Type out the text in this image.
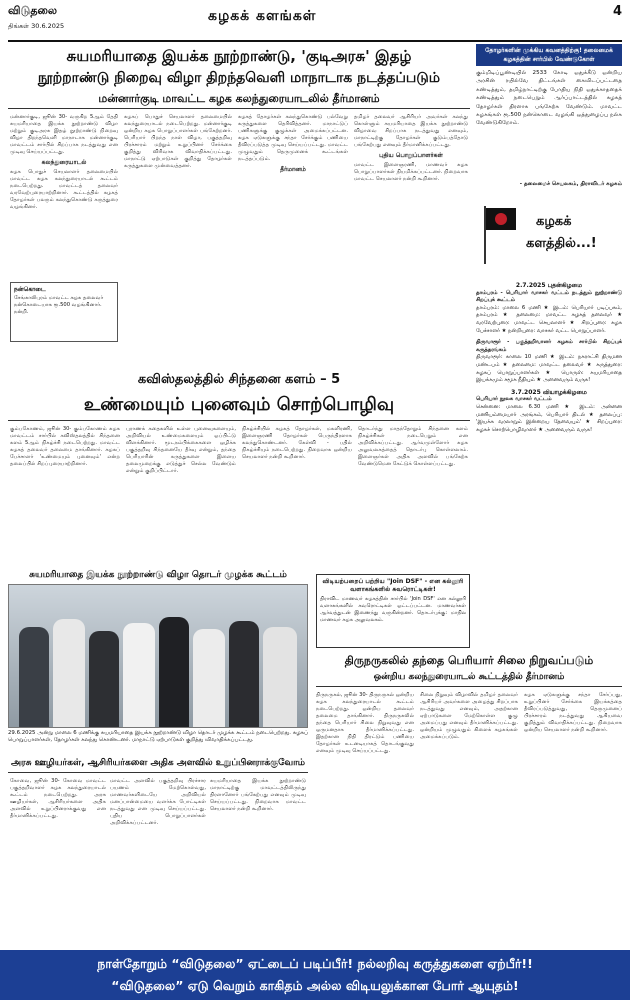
விடுதலை
திங்கள் 30.6.2025
கழகக் களங்கள்	4
சுயமரியாதை இயக்க நூற்றாண்டு, 'குடிஅரசு' இதழ்
நூற்றாண்டு நிறைவு விழா திறந்தவெளி மாநாடாக நடத்தப்படும்
மன்னார்குடி மாவட்ட கழக கலந்துரையாடலில் தீர்மானம்

மன்னார்குடி, ஜூன் 30- வருகிற 5ஆம் தேதி சுயமரியாதை இயக்க நூற்றாண்டு விழா மற்றும் குடிஅரசு இதழ் நூற்றாண்டு நிறைவு விழா திறந்தவெளி மாநாடாக மன்னார்குடி மாவட்டம் சார்பில் சிறப்பாக நடத்துவது என முடிவு செய்யப்பட்டது.

கலந்துரையாடல்

கழக பொதுச் செயலாளர் தலைமையில் மாவட்ட கழக கலந்துரையாடல் கூட்டம் நடைபெற்றது. மாவட்டத் தலைவர் வரவேற்புரையாற்றினார். கூட்டத்தில் கழகத் தோழர்கள் பலரும் கலந்துகொண்டு கருத்துரை வழங்கினர்.

நன்கொடை
சேங்காலிபுரம் மாவட்ட கழக தலைவர் நன்கொடையாக ரூ.500 வழங்கினார். நன்றி.

கழகப் பொதுச் செயலாளர் தலைமையில் கலந்துரையாடல் நடைபெற்றது. மன்னார்குடி ஒன்றிய கழக பொறுப்பாளர்கள் பங்கேற்றனர். பெரியார் பிறந்த நாள் விழா, பகுத்தறிவு பிரச்சாரம் மற்றும் உறுப்பினர் சேர்க்கை குறித்து விரிவாக விவாதிக்கப்பட்டது. மாநாட்டு ஏற்பாடுகள் குறித்து தோழர்கள் கருத்துகளை முன்வைத்தனர்.

கழகத் தோழர்கள் கலந்துகொண்டு பல்வேறு கருத்துகளை தெரிவித்தனர். மாநாட்டுப் பணிகளுக்கு குழுக்கள் அமைக்கப்பட்டன. கழக ஏடுகளுக்கு சந்தா சேர்க்கும் பணியை தீவிரப்படுத்த முடிவு செய்யப்பட்டது. மாவட்ட முழுவதும் தெருமுனைக் கூட்டங்கள் நடத்தப்படும்.

தீர்மானம்

தமிழர் தலைவர் ஆசிரியர் அவர்கள் கலந்து கொள்ளும் சுயமரியாதை இயக்க நூற்றாண்டு விழாவை சிறப்பாக நடத்துவது எனவும், மாநாட்டிற்கு தோழர்கள் குடும்பத்தோடு பங்கேற்பது எனவும் தீர்மானிக்கப்பட்டது.

புதிய பொறுப்பாளர்கள்

மாவட்ட இளைஞரணி, மாணவர் கழக பொறுப்பாளர்கள் நியமிக்கப்பட்டனர். நிறைவாக மாவட்ட செயலாளர் நன்றி கூறினார்.

தோழர்களின் முக்கிய கவனத்திற்கு! தலைமைக் கழகத்தின் சார்பில் வேண்டுகோள்
கும்மிடிப்பூண்டியில் 2533 கோடி ஒதுக்கீடு ஒன்றிய அரசின் ரயில்வே திட்டங்கள் கைவிடப்பட்டதை கண்டித்தும், தமிழ்நாட்டிற்கு போதிய நிதி ஒதுக்காததைக் கண்டித்தும் நடைபெறும் ஆர்ப்பாட்டத்தில் கழகத் தோழர்கள் திரளாக பங்கேற்க வேண்டும். மாவட்ட கழகங்கள் ரூ.500 நன்கொடை வழங்கி ஒத்துழைப்பு நல்க வேண்டுகிறோம்.
- தலைமைச் செயலகம், திராவிடர் கழகம்
கழகக்
களத்தில்...!

2.7.2025 புதன்கிழமை

தாம்பரம் - பெரியார் வாசகர் வட்டம் நடத்தும் நூற்றாண்டு சிறப்புக் கூட்டம்

தாம்பரம்: மாலை 6 மணி ★ இடம்: பெரியார் படிப்பகம், தாம்பரம் ★ தலைமை: மாவட்ட கழகத் தலைவர் ★ வரவேற்புரை: மாவட்ட செயலாளர் ★ சிறப்புரை: கழக பேச்சாளர் ★ நன்றியுரை: வாசகர் வட்ட பொறுப்பாளர்.

திருவாரூர் - பகுத்தறிவாளர் கழகம் சார்பில் சிறப்புக் கருத்தரங்கம்

திருவாரூர்: காலை 10 மணி ★ இடம்: நகராட்சி திருமண மண்டபம் ★ தலைமை: மாவட்ட தலைவர் ★ கருத்துரை: கழகப் பொறுப்பாளர்கள் ★ பொருள்: சுயமரியாதை இயக்கமும் சமூக நீதியும் ★ அனைவரும் வருக!

3.7.2025 வியாழக்கிழமை

பெரியார் நூலக வாசகர் வட்டம்

சென்னை: மாலை 6.30 மணி ★ இடம்: அன்னை மணியம்மையார் அரங்கம், பெரியார் திடல் ★ தலைப்பு: 'இயக்க வரலாறும் இன்றைய தேவையும்' ★ சிறப்புரை: கழகச் சொற்பொழிவாளர் ★ அனைவரும் வருக!

கவிஸ்தலத்தில் சிந்தனை களம் – 5
உண்மையும் புனைவும் சொற்பொழிவு

கும்பகோணம், ஜூன் 30- கும்பகோணம் கழக மாவட்டம் சார்பில் கவிஸ்தலத்தில் சிந்தனை களம் 5ஆம் நிகழ்ச்சி நடைபெற்றது. மாவட்ட கழகத் தலைவர் தலைமை தாங்கினார். கழகப் பேச்சாளர் 'உண்மையும் புனைவும்' என்ற தலைப்பில் சிறப்புரையாற்றினார்.

புராணக் கதைகளில் உள்ள புனைவுகளையும், அறிவியல் உண்மைகளையும் ஒப்பிட்டு விளக்கினார். மூடநம்பிக்கைகளை ஒழிக்க பகுத்தறிவு சிந்தனையே தீர்வு என்றும், தந்தை பெரியாரின் கருத்துகளை இளைய தலைமுறைக்கு எடுத்துச் செல்ல வேண்டும் என்றும் குறிப்பிட்டார்.

நிகழ்ச்சியில் கழகத் தோழர்கள், மகளிரணி, இளைஞரணி தோழர்கள் பெருந்திரளாக கலந்துகொண்டனர். கேள்வி - பதில் நிகழ்ச்சியும் நடைபெற்றது. நிறைவாக ஒன்றிய செயலாளர் நன்றி கூறினார்.

தொடர்ந்து மாதந்தோறும் சிந்தனை களம் நிகழ்ச்சிகள் நடைபெறும் என அறிவிக்கப்பட்டது. ஆர்வமுள்ளோர் கழக அலுவலகத்தைத் தொடர்பு கொள்ளலாம். இளைஞர்கள் அதிக அளவில் பங்கேற்க வேண்டுமென கேட்டுக் கொள்ளப்பட்டது.

சுயமரியாதை இயக்க நூற்றாண்டு விழா தொடர் முழக்க கூட்டம்
29.6.2025 அன்று மாலை 6 மணிக்கு சுயமரியாதை இயக்க நூற்றாண்டு விழா தொடர் முழக்க கூட்டம் நடைபெற்றது. கழகப் பொறுப்பாளர்கள், தோழர்கள் கலந்து கொண்டனர். மாநாட்டு ஏற்பாடுகள் குறித்து விவாதிக்கப்பட்டது.
விடியற்பறைப் பற்றிய "Join DSF" - என கல்லூரி வளாகங்களில் சுவரொட்டிகள்!
திராவிட மாணவர் கழகத்தின் சார்பில் 'Join DSF' என கல்லூரி வளாகங்களில் சுவரொட்டிகள் ஒட்டப்பட்டன. மாணவர்கள் ஆர்வத்துடன் இணைந்து வருகின்றனர். தொடர்புக்கு: மாநில மாணவர் கழக அலுவலகம்.
திருநருகலில் தந்தை பெரியார் சிலை நிறுவப்படும்
ஒன்றிய கலந்துரையாடல் கூட்டத்தில் தீர்மானம்

திருநருகல், ஜூன் 30- திருநருகல் ஒன்றிய கழக கலந்துரையாடல் கூட்டம் நடைபெற்றது. ஒன்றிய தலைவர் தலைமை தாங்கினார். திருநருகலில் தந்தை பெரியார் சிலை நிறுவுவது என ஒருமனதாக தீர்மானிக்கப்பட்டது. இதற்கான நிதி திரட்டும் பணியை தோழர்கள் உடனடியாகத் தொடங்குவது எனவும் முடிவு செய்யப்பட்டது.

சிலை நிறுவும் விழாவில் தமிழர் தலைவர் ஆசிரியர் அவர்களை அழைத்து சிறப்பாக நடத்துவது எனவும், அதற்கான ஏற்பாடுகளை மேற்கொள்ள குழு அமைப்பது எனவும் தீர்மானிக்கப்பட்டது. ஒன்றியம் முழுவதும் கிளைக் கழகங்கள் அமைக்கப்படும்.

கழக ஏடுகளுக்கு சந்தா சேர்ப்பது, உறுப்பினர் சேர்க்கை இயக்கத்தை தீவிரப்படுத்துவது, தெருமுனைப் பிரச்சாரம் நடத்துவது ஆகியவை குறித்தும் விவாதிக்கப்பட்டது. நிறைவாக ஒன்றிய செயலாளர் நன்றி கூறினார்.

அரசு ஊழியர்கள், ஆசிரியர்களை அதிக அளவில் உறுப்பினராக்குவோம்

கோவை, ஜூன் 30- கோவை மாவட்ட பகுத்தறிவாளர் கழக கலந்துரையாடல் கூட்டம் நடைபெற்றது. அரசு ஊழியர்கள், ஆசிரியர்களை அதிக அளவில் உறுப்பினராக்குவது என தீர்மானிக்கப்பட்டது.

மாவட்ட அளவில் பகுத்தறிவு பிரச்சார பயணம் மேற்கொள்வது, மாணவர்களிடையே அறிவியல் மனப்பான்மையை வளர்க்க போட்டிகள் நடத்துவது என முடிவு செய்யப்பட்டது. புதிய பொறுப்பாளர்கள் அறிவிக்கப்பட்டனர்.

சுயமரியாதை இயக்க நூற்றாண்டு மாநாட்டிற்கு மாவட்டத்திலிருந்து திரளானோர் பங்கேற்பது எனவும் முடிவு செய்யப்பட்டது. நிறைவாக மாவட்ட செயலாளர் நன்றி கூறினார்.

நாள்தோறும் “விடுதலை” ஏட்டைப் படிப்பீர்! நல்லறிவு கருத்துகளை ஏற்பீர்!!
“விடுதலை” ஏடு வெறும் காகிதம் அல்ல விடியலுக்கான போர் ஆயுதம்!
